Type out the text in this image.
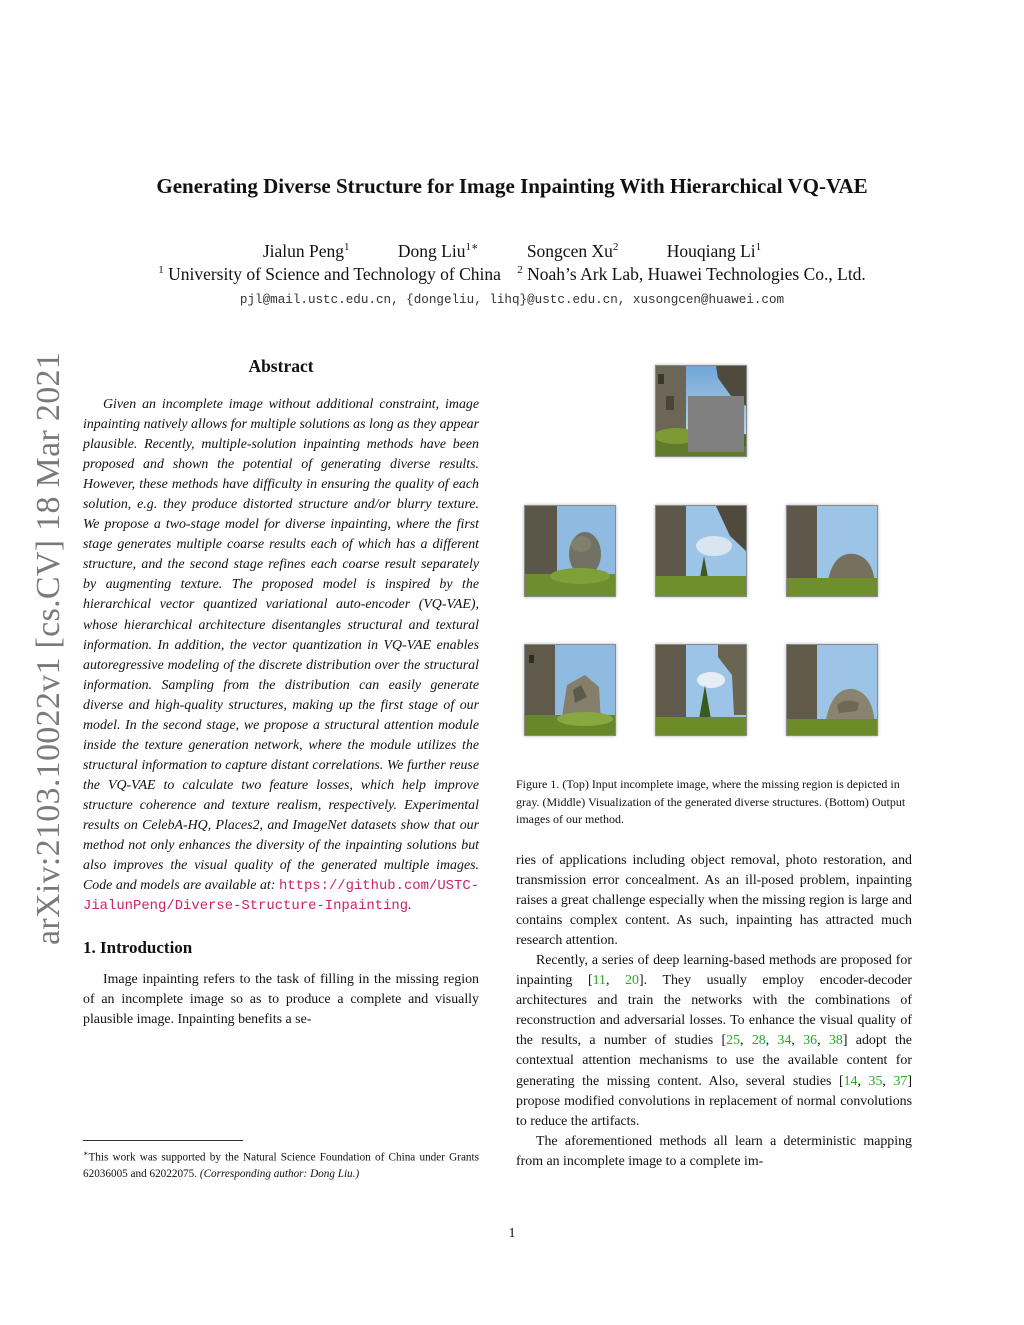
Generating Diverse Structure for Image Inpainting With Hierarchical VQ-VAE
Jialun Peng$^1$	Dong Liu$^{1∗}$	Songcen Xu$^2$	Houqiang Li$^1$
$^1$ University of Science and Technology of China $^2$ Noah’s Ark Lab, Huawei Technologies Co., Ltd.
pjl@mail.ustc.edu.cn, {dongeliu, lihq}@ustc.edu.cn, xusongcen@huawei.com
arXiv:2103.10022v1 [cs.CV] 18 Mar 2021	Abstract

Given an incomplete image without additional constraint, image inpainting natively allows for multiple solutions as long as they appear plausible. Recently, multiple-solution inpainting methods have been proposed and shown the potential of generating diverse results. However, these methods have difficulty in ensuring the quality of each solution, e.g. they produce distorted structure and/or blurry texture. We propose a two-stage model for diverse inpainting, where the first stage generates multiple coarse results each of which has a different structure, and the second stage refines each coarse result separately by augmenting texture. The proposed model is inspired by the hierarchical vector quantized variational auto-encoder (VQ-VAE), whose hierarchical architecture disentangles structural and textural information. In addition, the vector quantization in VQ-VAE enables autoregressive modeling of the discrete distribution over the structural information. Sampling from the distribution can easily generate diverse and high-quality structures, making up the first stage of our model. In the second stage, we propose a structural attention module inside the texture generation network, where the module utilizes the structural information to capture distant correlations. We further reuse the VQ-VAE to calculate two feature losses, which help improve structure coherence and texture realism, respectively. Experimental results on CelebA-HQ, Places2, and ImageNet datasets show that our method not only enhances the diversity of the inpainting solutions but also improves the visual quality of the generated multiple images. Code and models are available at: https://github.com/USTC-JialunPeng/Diverse-Structure-Inpainting.

1. Introduction

Image inpainting refers to the task of filling in the missing region of an incomplete image so as to produce a complete and visually plausible image. Inpainting benefits a se-

∗This work was supported by the Natural Science Foundation of China under Grants 62036005 and 62022075. (Corresponding author: Dong Liu.)
Figure 1. (Top) Input incomplete image, where the missing region is depicted in gray. (Middle) Visualization of the generated diverse structures. (Bottom) Output images of our method.

ries of applications including object removal, photo restoration, and transmission error concealment. As an ill-posed problem, inpainting raises a great challenge especially when the missing region is large and contains complex content. As such, inpainting has attracted much research attention.

Recently, a series of deep learning-based methods are proposed for inpainting [11, 20]. They usually employ encoder-decoder architectures and train the networks with the combinations of reconstruction and adversarial losses. To enhance the visual quality of the results, a number of studies [25, 28, 34, 36, 38] adopt the contextual attention mechanisms to use the available content for generating the missing content. Also, several studies [14, 35, 37] propose modified convolutions in replacement of normal convolutions to reduce the artifacts.

The aforementioned methods all learn a deterministic mapping from an incomplete image to a complete im-

1
